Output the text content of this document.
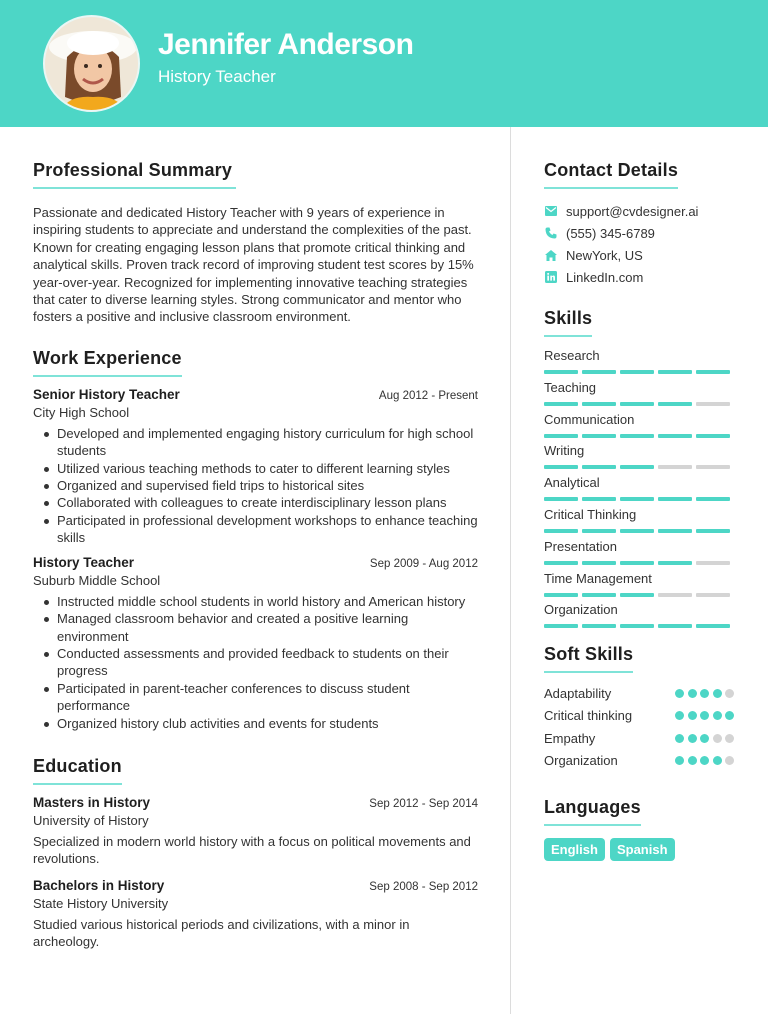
Jennifer Anderson
History Teacher
Professional Summary

Passionate and dedicated History Teacher with 9 years of experience in inspiring students to appreciate and understand the complexities of the past. Known for creating engaging lesson plans that promote critical thinking and analytical skills. Proven track record of improving student test scores by 15% year-over-year. Recognized for implementing innovative teaching strategies that cater to diverse learning styles. Strong communicator and mentor who fosters a positive and inclusive classroom environment.

Work Experience
Senior History Teacher	Aug 2012 - Present
City High School
Developed and implemented engaging history curriculum for high school students
Utilized various teaching methods to cater to different learning styles
Organized and supervised field trips to historical sites
Collaborated with colleagues to create interdisciplinary lesson plans
Participated in professional development workshops to enhance teaching skills
History Teacher	Sep 2009 - Aug 2012
Suburb Middle School
Instructed middle school students in world history and American history
Managed classroom behavior and created a positive learning environment
Conducted assessments and provided feedback to students on their progress
Participated in parent-teacher conferences to discuss student performance
Organized history club activities and events for students
Education
Masters in History	Sep 2012 - Sep 2014
University of History

Specialized in modern world history with a focus on political movements and revolutions.

Bachelors in History	Sep 2008 - Sep 2012
State History University

Studied various historical periods and civilizations, with a minor in archeology.

Contact Details
support@cvdesigner.ai
(555) 345-6789
NewYork, US
LinkedIn.com
Skills
Research
Teaching
Communication
Writing
Analytical
Critical Thinking
Presentation
Time Management
Organization
Soft Skills
Adaptability
Critical thinking
Empathy
Organization
Languages
English	Spanish
